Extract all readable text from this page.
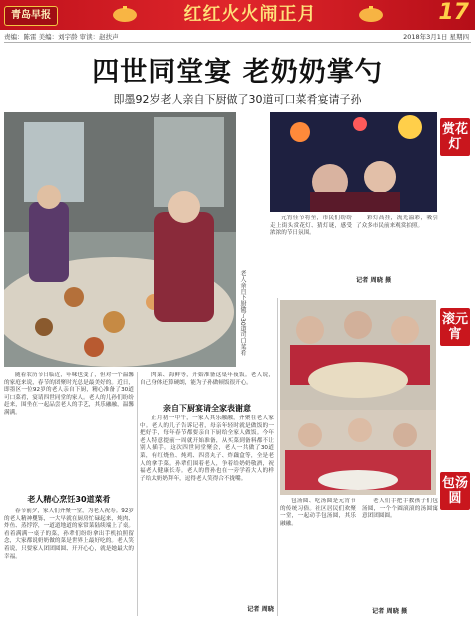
青岛早报	红红火火闹正月	17
责编：陈雷 美编：刘宇龄 审读：赵扶声	2018年3月1日 星期四
四世同堂宴 老奶奶掌勺
即墨92岁老人亲自下厨做了30道可口菜肴宴请子孙
老人亲自下厨做了30道可口菜肴
赏花灯

元宵佳节将至，市民们纷纷走上街头赏花灯、猜灯谜，感受浓浓的节日氛围。

彩灯高挂，流光溢彩，吸引了众多市民前来观赏拍照。

记者 周晓 摄
滚元宵

包汤圆

随着农历节日临近，年味也变了，但对一个温馨的家庭来说，春节的团聚时光总是最美好的。近日，即墨区一位92岁的老人亲自下厨，精心准备了30道可口菜肴，宴请四世同堂的家人。老人的儿孙们纷纷赶来，围坐在一起品尝老人的手艺，其乐融融，温馨满满。

肉菜、海鲜等，开始准备这桌年夜饭。老人说，自己身体还算硬朗，能为子孙做顿饭很开心。

老人精心烹饪30道菜肴
亲自下厨宴请全家表谢意

春节前夕，家人们齐聚一堂，为老人祝寿。92岁的老人精神矍铄，一大早就在厨房忙碌起来，炖肉、炸鱼、蒸饽饽，一道道地道的家常菜陆续端上了桌。看着满满一桌子的菜，孙辈们纷纷拿出手机拍照留念，大家都说奶奶做的菜是世界上最好吃的。老人笑着说，只要家人团团圆圆、开开心心，就是她最大的幸福。

正月初一中午，一家人其乐融融，齐聚在老人家中。老人的儿子告诉记者，母亲年轻时就是做饭的一把好手，每年春节都要亲自下厨给全家人做饭。今年老人特意提前一周就开始准备，从买菜到备料都不让别人插手。这次四世同堂聚会，老人一共做了30道菜，有红烧鱼、炖鸡、四喜丸子、炸藕盒等，全是老人的拿手菜。孙辈们围着老人，争着给奶奶敬酒，祝福老人健康长寿。老人的曾孙也在一旁学着大人的样子给太奶奶拜年，逗得老人笑得合不拢嘴。

记者 周晓

包汤圆、吃汤圆是元宵节的传统习俗。社区居民们欢聚一堂，一起动手包汤圆，其乐融融。

老人们手把手教孩子们包汤圆，一个个圆滚滚的汤圆寓意团团圆圆。

记者 周晓 摄
